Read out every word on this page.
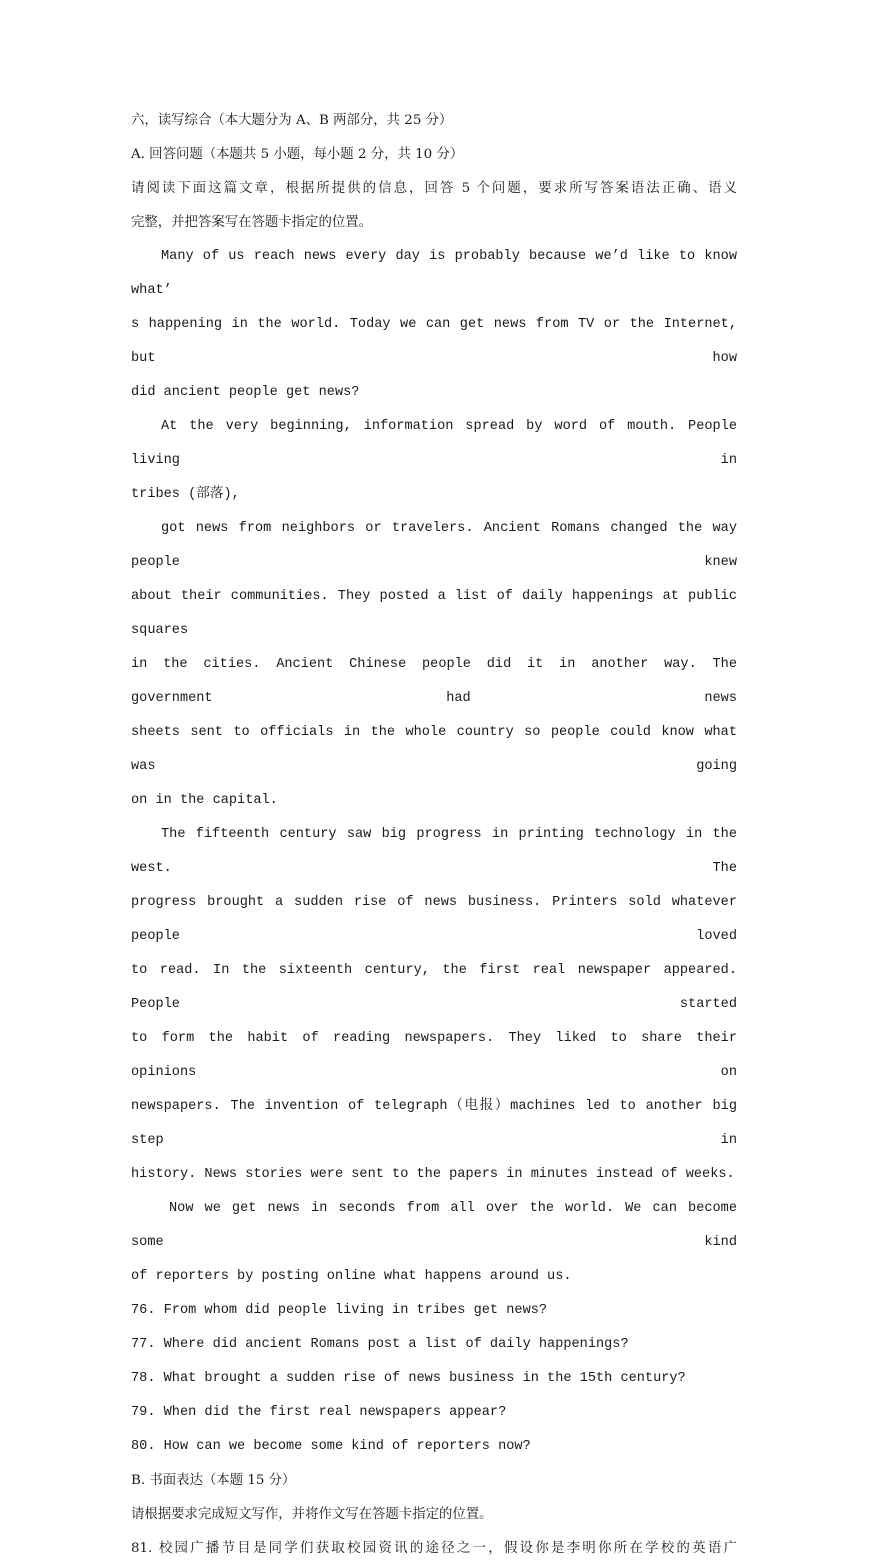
六，读写综合（本大题分为 A、B 两部分，共 25 分）

A. 回答问题（本题共 5 小题，每小题 2 分，共 10 分）

请阅读下面这篇文章，根据所提供的信息，回答 5 个问题，要求所写答案语法正确、语义

完整，并把答案写在答题卡指定的位置。

Many of us reach news every day is probably because we’d like to know what’

s happening in the world. Today we can get news from TV or the Internet, but how

did ancient people get news?

At the very beginning, information spread by word of mouth. People living in

tribes (部落),

got news from neighbors or travelers. Ancient Romans changed the way people knew

about their communities. They posted a list of daily happenings at public squares

in the cities. Ancient Chinese people did it in another way. The government had news

sheets sent to officials in the whole country so people could know what was going

on in the capital.

The fifteenth century saw big progress in printing technology in the west. The

progress brought a sudden rise of news business. Printers sold whatever people loved

to read. In the sixteenth century, the first real newspaper appeared. People started

to form the habit of reading newspapers. They liked to share their opinions on

newspapers. The invention of telegraph（电报）machines led to another big step in

history. News stories were sent to the papers in minutes instead of weeks.

Now we get news in seconds from all over the world. We can become some kind

of reporters by posting online what happens around us.

76. From whom did people living in tribes get news?

77. Where did ancient Romans post a list of daily happenings?

78. What brought a sudden rise of news business in the 15th century?

79. When did the first real newspapers appear?

80. How can we become some kind of reporters now?

B. 书面表达（本题 15 分）

请根据要求完成短文写作，并将作文写在答题卡指定的位置。

81. 校园广播节目是同学们获取校园资讯的途径之一，假设你是李明你所在学校的英语广
